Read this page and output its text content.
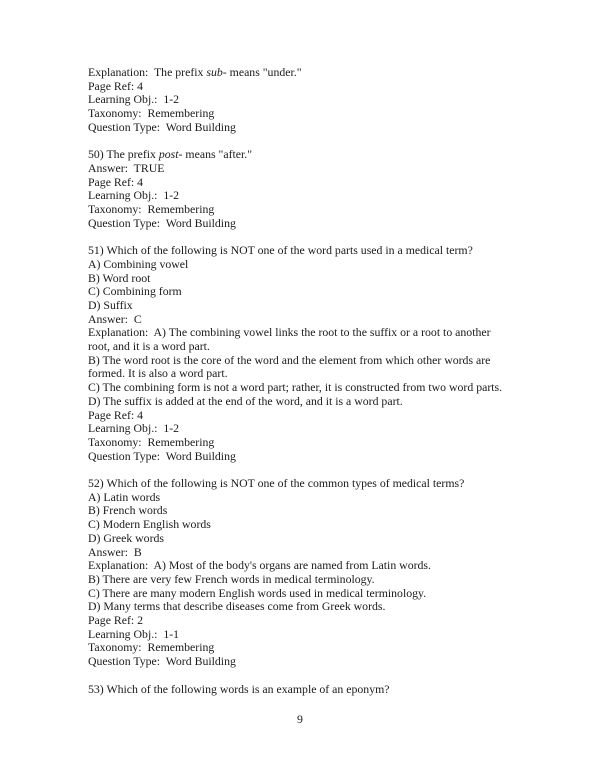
Explanation:  The prefix sub- means "under."
Page Ref: 4
Learning Obj.:  1-2
Taxonomy:  Remembering
Question Type:  Word Building
50) The prefix post- means "after."
Answer:  TRUE
Page Ref: 4
Learning Obj.:  1-2
Taxonomy:  Remembering
Question Type:  Word Building
51) Which of the following is NOT one of the word parts used in a medical term?
A) Combining vowel
B) Word root
C) Combining form
D) Suffix
Answer:  C
Explanation:  A) The combining vowel links the root to the suffix or a root to another
root, and it is a word part.
B) The word root is the core of the word and the element from which other words are
formed. It is also a word part.
C) The combining form is not a word part; rather, it is constructed from two word parts.
D) The suffix is added at the end of the word, and it is a word part.
Page Ref: 4
Learning Obj.:  1-2
Taxonomy:  Remembering
Question Type:  Word Building
52) Which of the following is NOT one of the common types of medical terms?
A) Latin words
B) French words
C) Modern English words
D) Greek words
Answer:  B
Explanation:  A) Most of the body's organs are named from Latin words.
B) There are very few French words in medical terminology.
C) There are many modern English words used in medical terminology.
D) Many terms that describe diseases come from Greek words.
Page Ref: 2
Learning Obj.:  1-1
Taxonomy:  Remembering
Question Type:  Word Building
53) Which of the following words is an example of an eponym?
9
